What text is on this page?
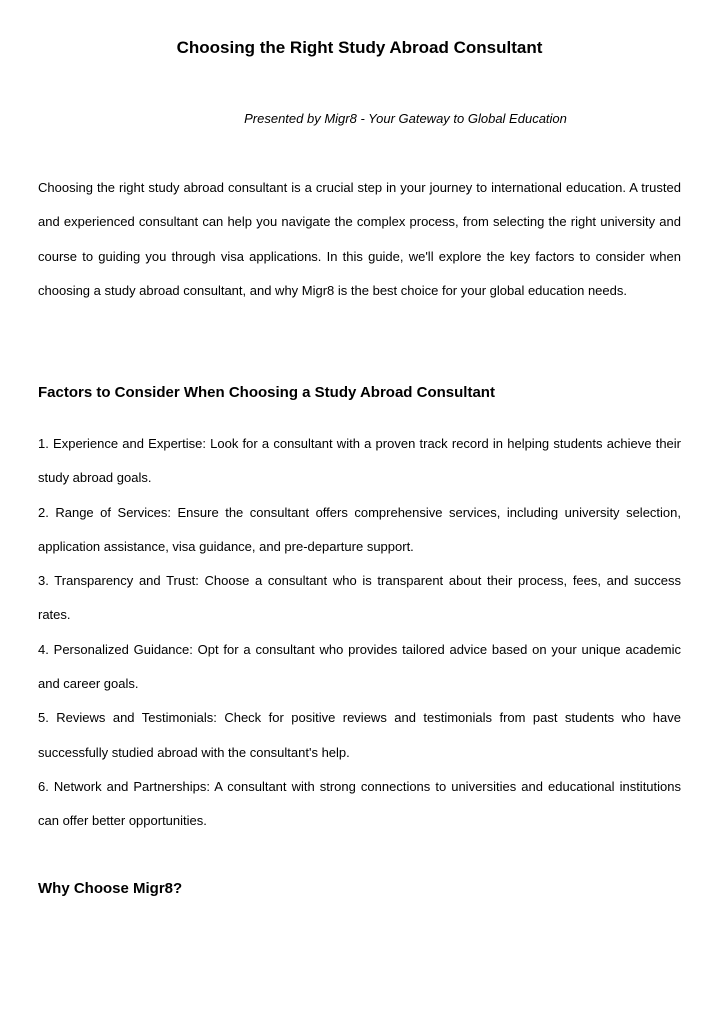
Choosing the Right Study Abroad Consultant
Presented by Migr8 - Your Gateway to Global Education

Choosing the right study abroad consultant is a crucial step in your journey to international education. A trusted and experienced consultant can help you navigate the complex process, from selecting the right university and course to guiding you through visa applications. In this guide, we'll explore the key factors to consider when choosing a study abroad consultant, and why Migr8 is the best choice for your global education needs.

Factors to Consider When Choosing a Study Abroad Consultant
1. Experience and Expertise: Look for a consultant with a proven track record in helping students achieve their study abroad goals.
2. Range of Services: Ensure the consultant offers comprehensive services, including university selection, application assistance, visa guidance, and pre-departure support.
3. Transparency and Trust: Choose a consultant who is transparent about their process, fees, and success rates.
4. Personalized Guidance: Opt for a consultant who provides tailored advice based on your unique academic and career goals.
5. Reviews and Testimonials: Check for positive reviews and testimonials from past students who have successfully studied abroad with the consultant's help.
6. Network and Partnerships: A consultant with strong connections to universities and educational institutions can offer better opportunities.
Why Choose Migr8?
